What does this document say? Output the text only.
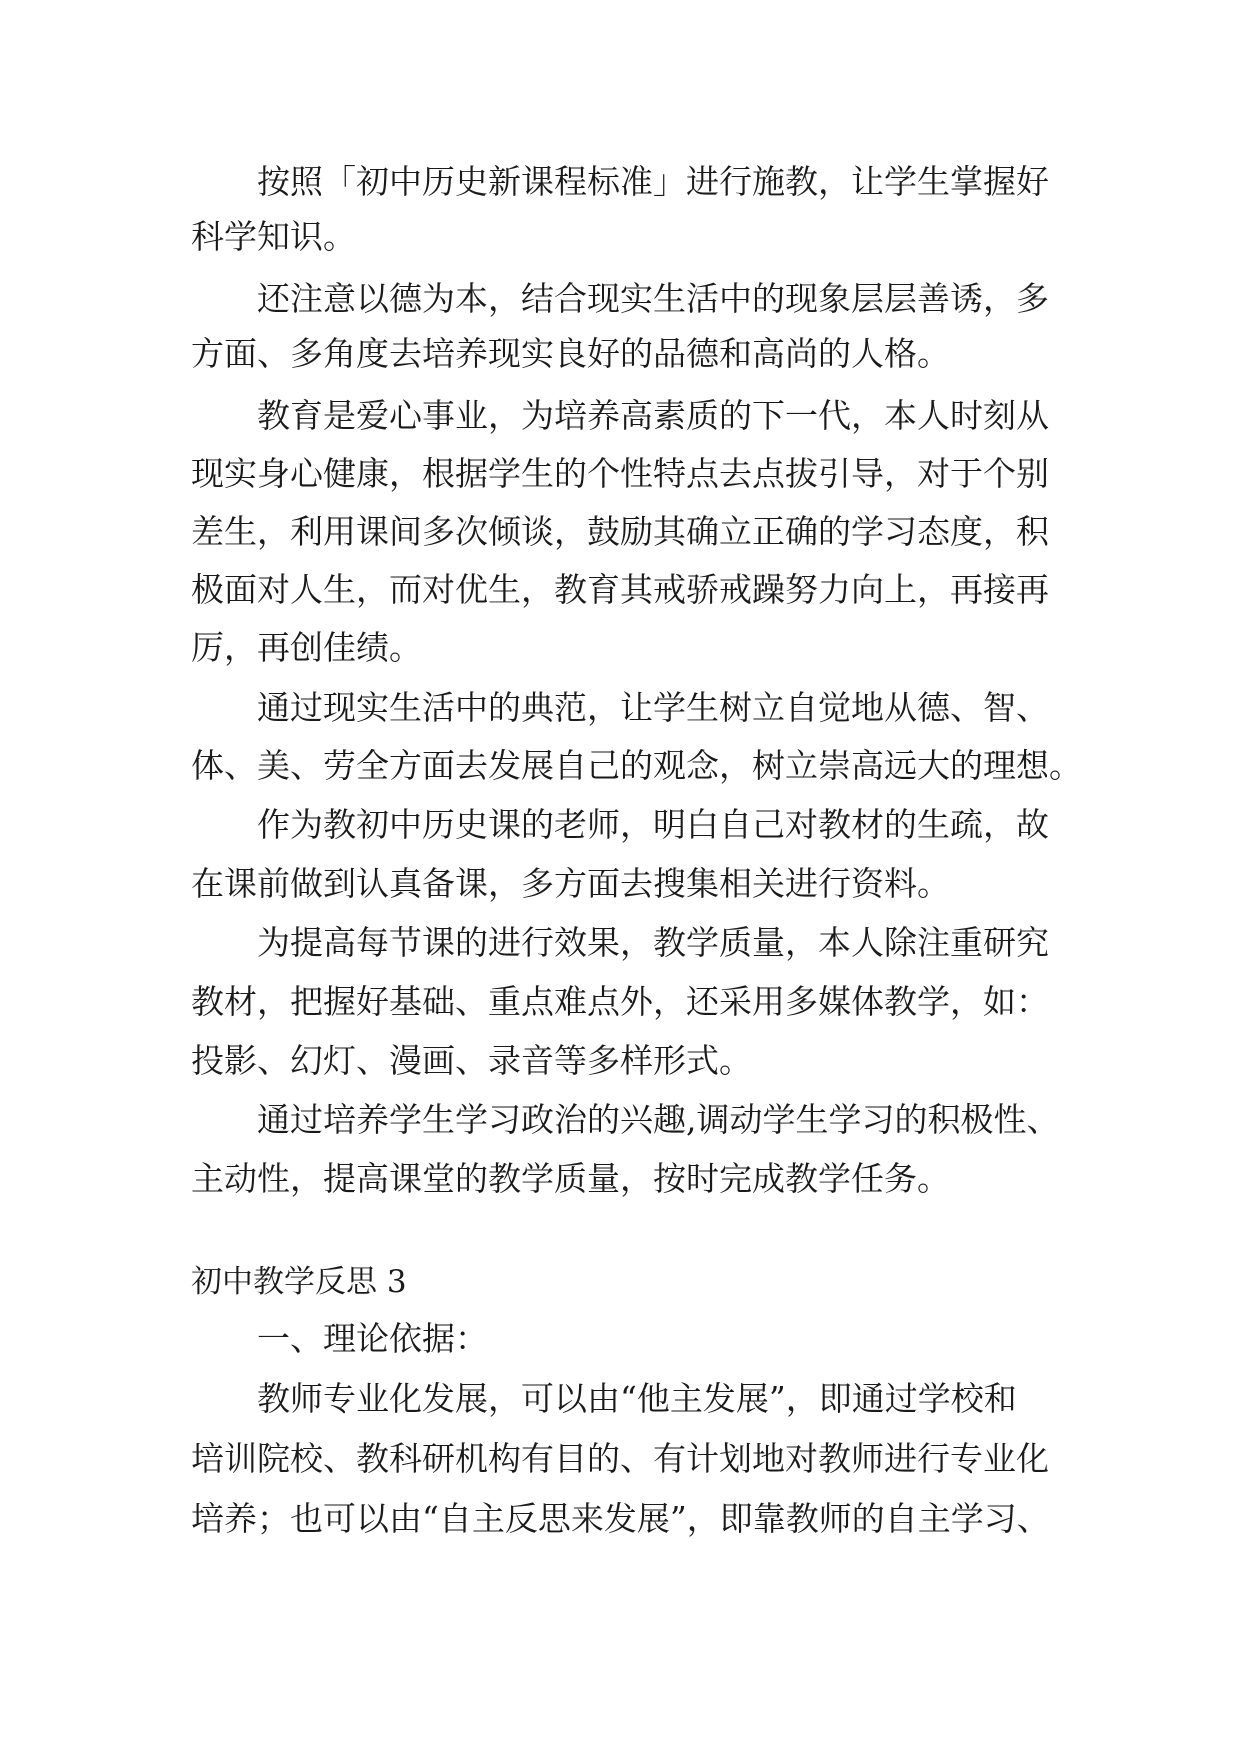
按照「初中历史新课程标准」进行施教，让学生掌握好
科学知识。
还注意以德为本，结合现实生活中的现象层层善诱，多
方面、多角度去培养现实良好的品德和高尚的人格。
教育是爱心事业，为培养高素质的下一代，本人时刻从
现实身心健康，根据学生的个性特点去点拔引导，对于个别
差生，利用课间多次倾谈，鼓励其确立正确的学习态度，积
极面对人生，而对优生，教育其戒骄戒躁努力向上，再接再
厉，再创佳绩。
通过现实生活中的典范，让学生树立自觉地从德、智、
体、美、劳全方面去发展自己的观念，树立崇高远大的理想。
作为教初中历史课的老师，明白自己对教材的生疏，故
在课前做到认真备课，多方面去搜集相关进行资料。
为提高每节课的进行效果，教学质量，本人除注重研究
教材，把握好基础、重点难点外，还采用多媒体教学，如：
投影、幻灯、漫画、录音等多样形式。
通过培养学生学习政治的兴趣,调动学生学习的积极性、
主动性，提高课堂的教学质量，按时完成教学任务。
初中教学反思 3
一、理论依据：
教师专业化发展，可以由“他主发展”，即通过学校和
培训院校、教科研机构有目的、有计划地对教师进行专业化
培养；也可以由“自主反思来发展”，即靠教师的自主学习、
